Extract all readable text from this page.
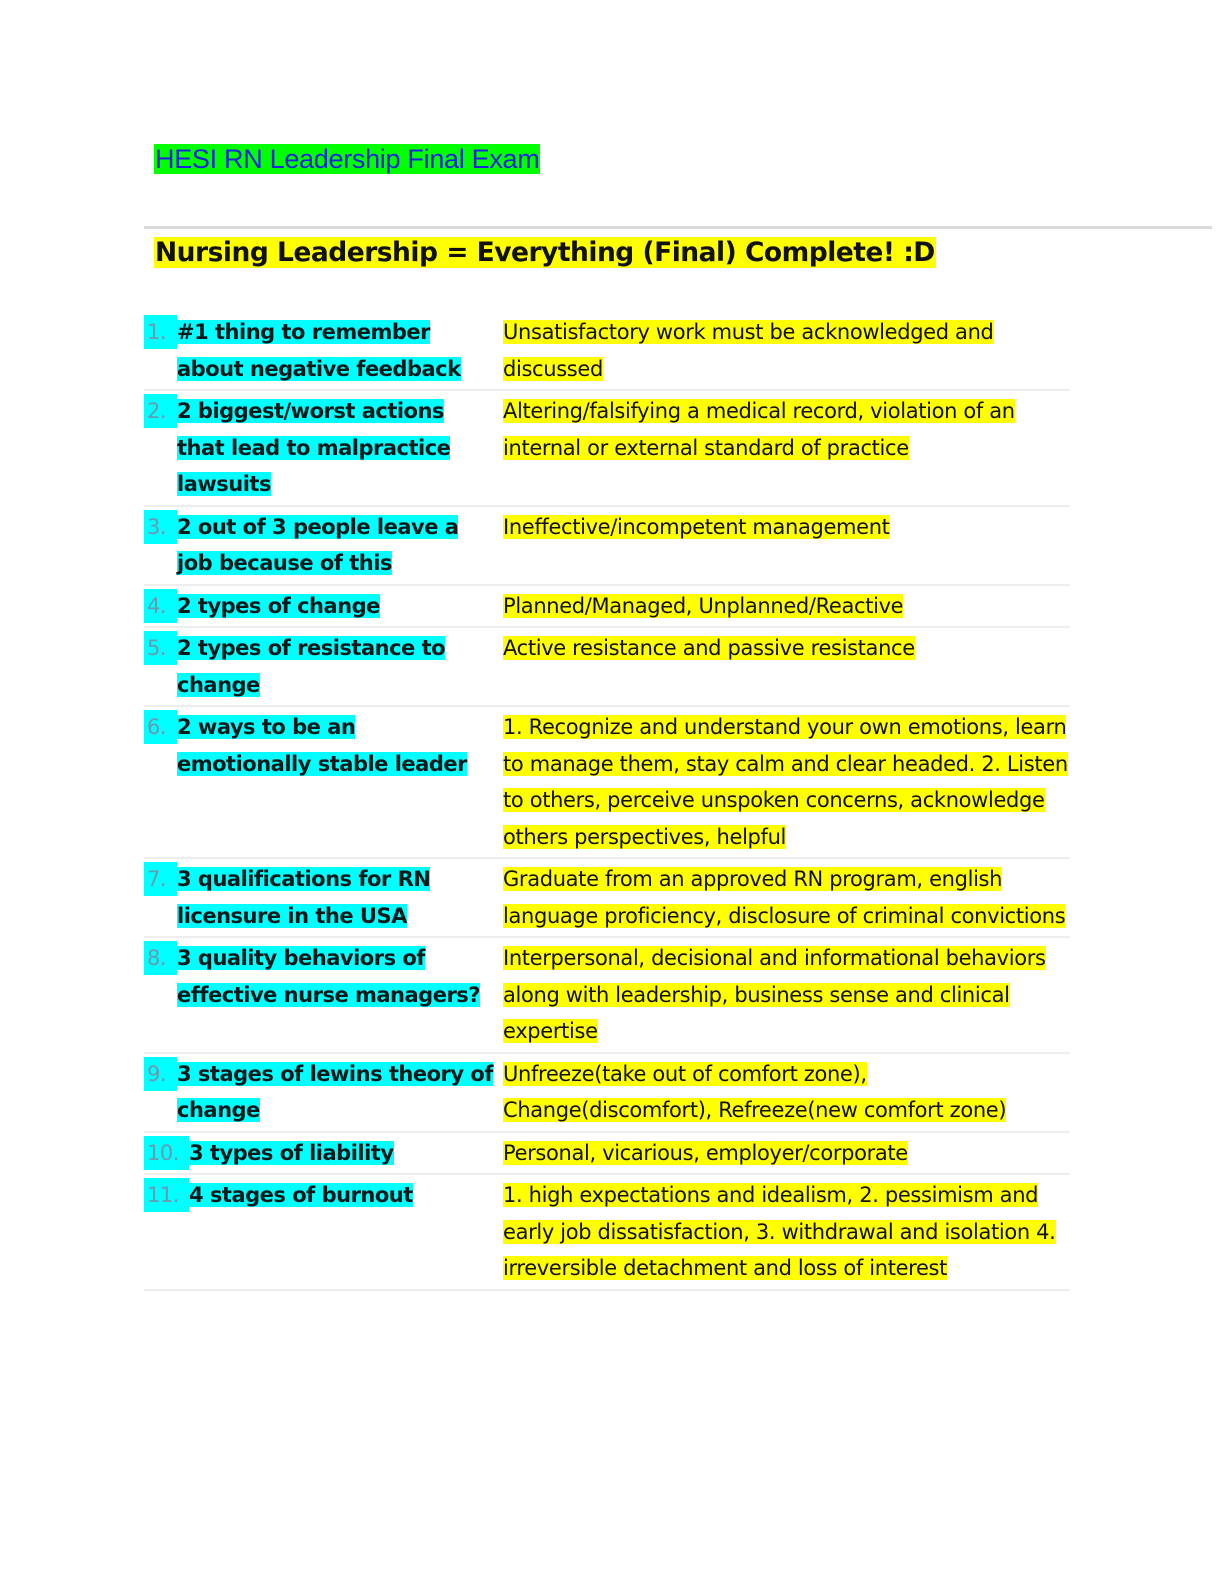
HESI RN Leadership Final Exam
Nursing Leadership = Everything (Final) Complete! :D
1. #1 thing to remember about negative feedback
Unsatisfactory work must be acknowledged and discussed
2. 2 biggest/worst actions that lead to malpractice lawsuits
Altering/falsifying a medical record, violation of an internal or external standard of practice
3. 2 out of 3 people leave a job because of this
Ineffective/incompetent management
4. 2 types of change	Planned/Managed, Unplanned/Reactive
5. 2 types of resistance to change
Active resistance and passive resistance
6. 2 ways to be an emotionally stable leader
1. Recognize and understand your own emotions, learn to manage them, stay calm and clear headed. 2. Listen to others, perceive unspoken concerns, acknowledge others perspectives, helpful
7. 3 qualifications for RN licensure in the USA
Graduate from an approved RN program, english language proficiency, disclosure of criminal convictions
8. 3 quality behaviors of effective nurse managers?
Interpersonal, decisional and informational behaviors along with leadership, business sense and clinical expertise
9. 3 stages of lewins theory of change
Unfreeze(take out of comfort zone), Change(discomfort), Refreeze(new comfort zone)
10. 3 types of liability	Personal, vicarious, employer/corporate
11. 4 stages of burnout	1. high expectations and idealism, 2. pessimism and early job dissatisfaction, 3. withdrawal and isolation 4. irreversible detachment and loss of interest
